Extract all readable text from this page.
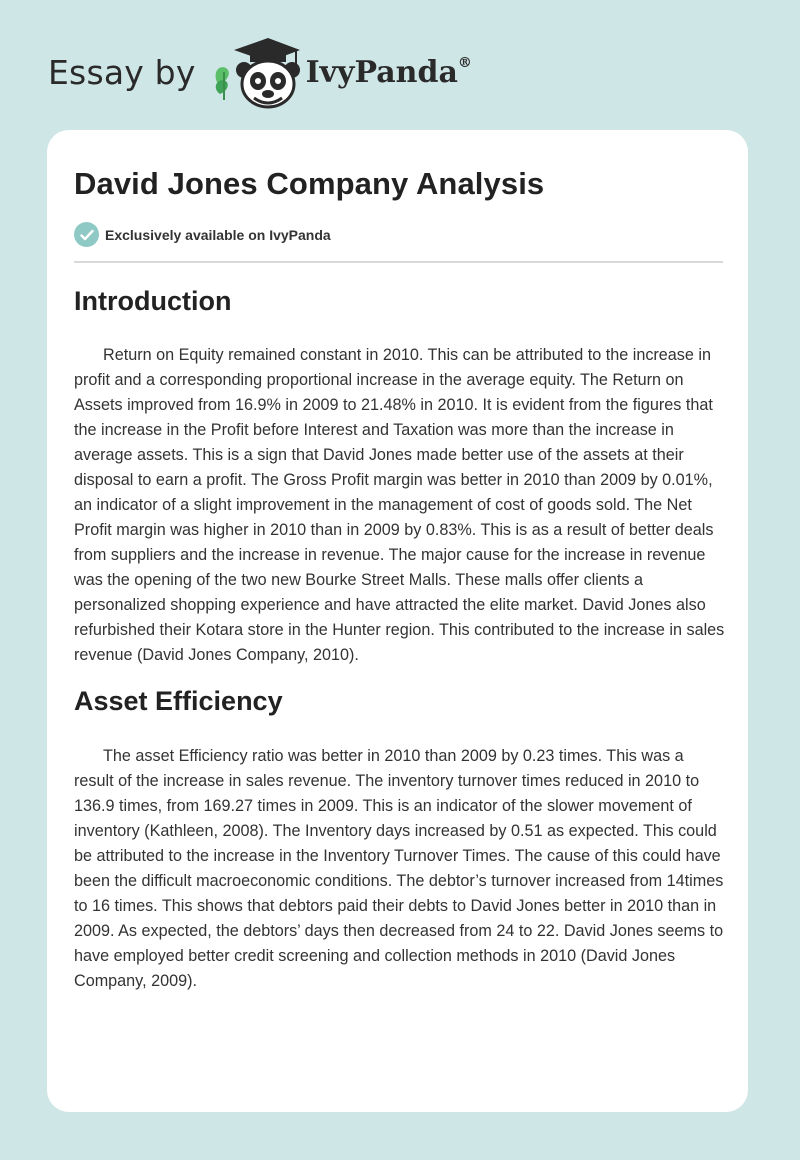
Essay by	IvyPanda®
David Jones Company Analysis
Exclusively available on IvyPanda
Introduction

Return on Equity remained constant in 2010. This can be attributed to the increase in profit and a corresponding proportional increase in the average equity. The Return on Assets improved from 16.9% in 2009 to 21.48% in 2010. It is evident from the figures that the increase in the Profit before Interest and Taxation was more than the increase in average assets. This is a sign that David Jones made better use of the assets at their disposal to earn a profit. The Gross Profit margin was better in 2010 than 2009 by 0.01%, an indicator of a slight improvement in the management of cost of goods sold. The Net Profit margin was higher in 2010 than in 2009 by 0.83%. This is as a result of better deals from suppliers and the increase in revenue. The major cause for the increase in revenue was the opening of the two new Bourke Street Malls. These malls offer clients a personalized shopping experience and have attracted the elite market. David Jones also refurbished their Kotara store in the Hunter region. This contributed to the increase in sales revenue (David Jones Company, 2010).

Asset Efficiency

The asset Efficiency ratio was better in 2010 than 2009 by 0.23 times. This was a result of the increase in sales revenue. The inventory turnover times reduced in 2010 to 136.9 times, from 169.27 times in 2009. This is an indicator of the slower movement of inventory (Kathleen, 2008). The Inventory days increased by 0.51 as expected. This could be attributed to the increase in the Inventory Turnover Times. The cause of this could have been the difficult macroeconomic conditions. The debtor’s turnover increased from 14times to 16 times. This shows that debtors paid their debts to David Jones better in 2010 than in 2009. As expected, the debtors’ days then decreased from 24 to 22. David Jones seems to have employed better credit screening and collection methods in 2010 (David Jones Company, 2009).
